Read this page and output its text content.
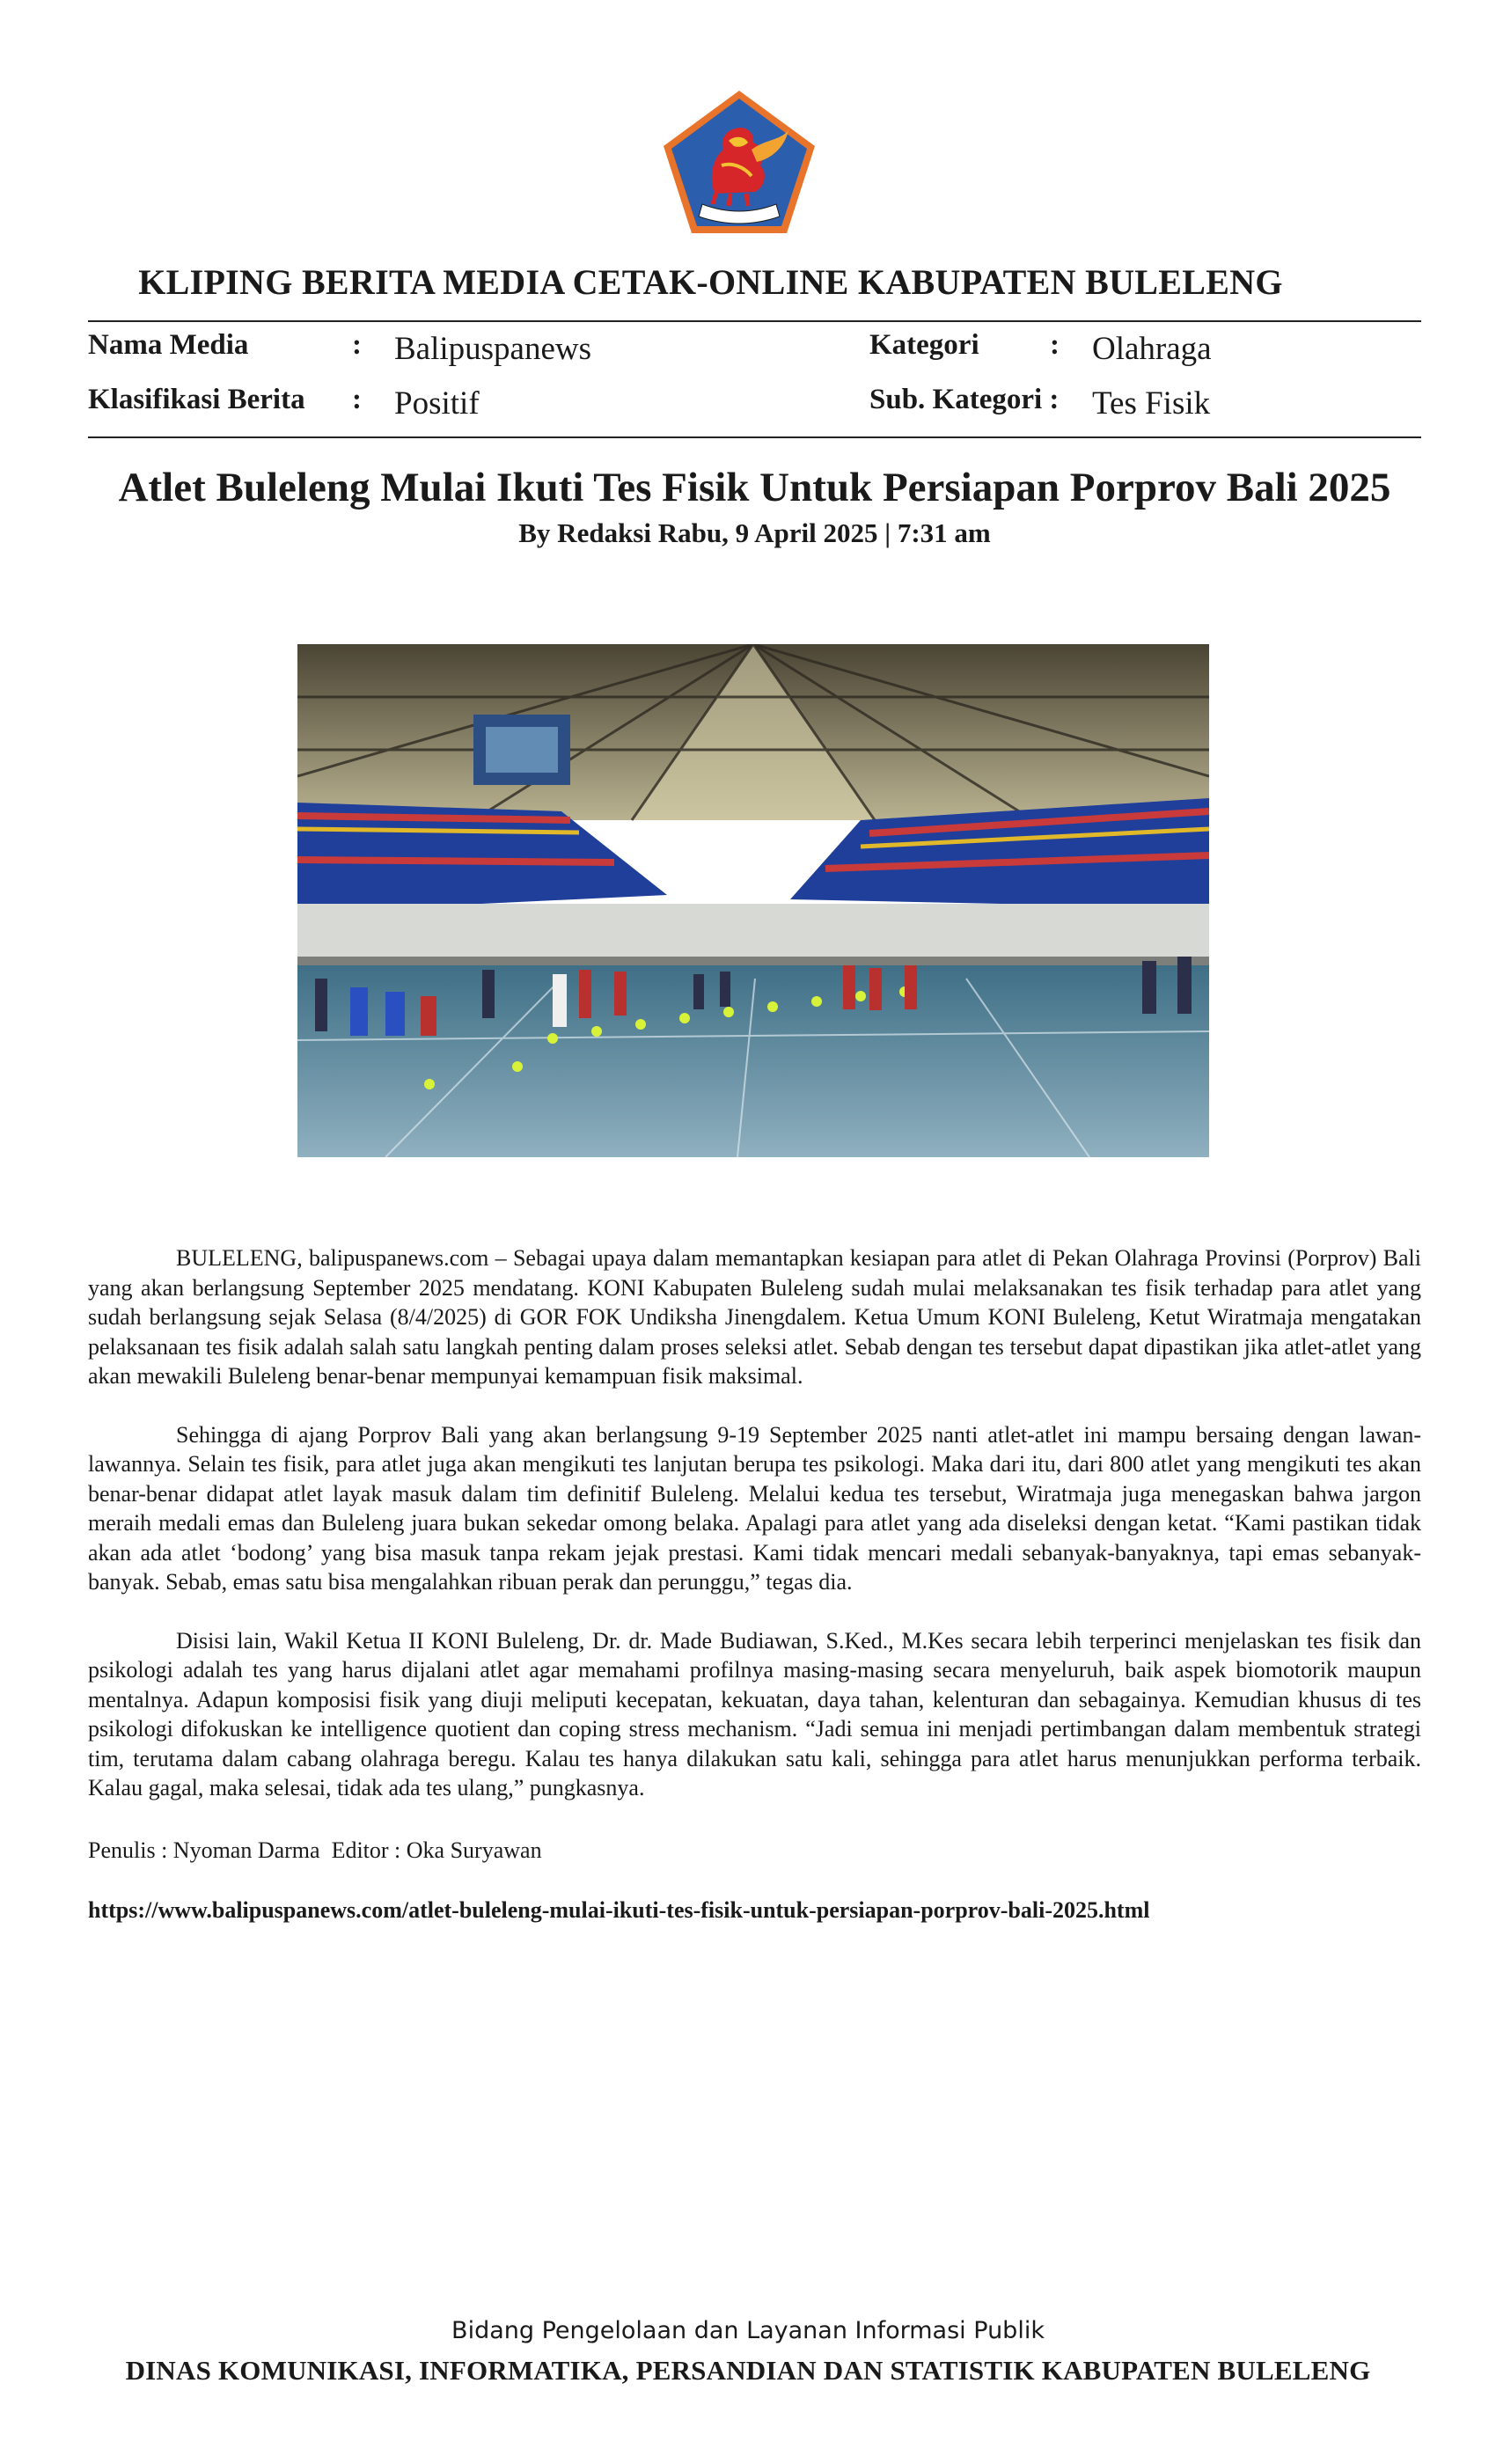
KLIPING BERITA MEDIA CETAK-ONLINE KABUPATEN BULELENG
Nama Media	: Balipuspanews	Kategori : Olahraga
Klasifikasi Berita : Positif	Sub. Kategori : Tes Fisik
Atlet Buleleng Mulai Ikuti Tes Fisik Untuk Persiapan Porprov Bali 2025
By Redaksi Rabu, 9 April 2025 | 7:31 am

BULELENG, balipuspanews.com – Sebagai upaya dalam memantapkan kesiapan para atlet di Pekan Olahraga Provinsi (Porprov) Bali yang akan berlangsung September 2025 mendatang. KONI Kabupaten Buleleng sudah mulai melaksanakan tes fisik terhadap para atlet yang sudah berlangsung sejak Selasa (8/4/2025) di GOR FOK Undiksha Jinengdalem. Ketua Umum KONI Buleleng, Ketut Wiratmaja mengatakan pelaksanaan tes fisik adalah salah satu langkah penting dalam proses seleksi atlet. Sebab dengan tes tersebut dapat dipastikan jika atlet-atlet yang akan mewakili Buleleng benar-benar mempunyai kemampuan fisik maksimal.

Sehingga di ajang Porprov Bali yang akan berlangsung 9-19 September 2025 nanti atlet-atlet ini mampu bersaing dengan lawan-lawannya. Selain tes fisik, para atlet juga akan mengikuti tes lanjutan berupa tes psikologi. Maka dari itu, dari 800 atlet yang mengikuti tes akan benar-benar didapat atlet layak masuk dalam tim definitif Buleleng. Melalui kedua tes tersebut, Wiratmaja juga menegaskan bahwa jargon meraih medali emas dan Buleleng juara bukan sekedar omong belaka. Apalagi para atlet yang ada diseleksi dengan ketat. “Kami pastikan tidak akan ada atlet ‘bodong’ yang bisa masuk tanpa rekam jejak prestasi. Kami tidak mencari medali sebanyak-banyaknya, tapi emas sebanyak-banyak. Sebab, emas satu bisa mengalahkan ribuan perak dan perunggu,” tegas dia.

Disisi lain, Wakil Ketua II KONI Buleleng, Dr. dr. Made Budiawan, S.Ked., M.Kes secara lebih terperinci menjelaskan tes fisik dan psikologi adalah tes yang harus dijalani atlet agar memahami profilnya masing-masing secara menyeluruh, baik aspek biomotorik maupun mentalnya. Adapun komposisi fisik yang diuji meliputi kecepatan, kekuatan, daya tahan, kelenturan dan sebagainya. Kemudian khusus di tes psikologi difokuskan ke intelligence quotient dan coping stress mechanism. “Jadi semua ini menjadi pertimbangan dalam membentuk strategi tim, terutama dalam cabang olahraga beregu. Kalau tes hanya dilakukan satu kali, sehingga para atlet harus menunjukkan performa terbaik. Kalau gagal, maka selesai, tidak ada tes ulang,” pungkasnya.

Penulis : Nyoman Darma  Editor : Oka Suryawan
https://www.balipuspanews.com/atlet-buleleng-mulai-ikuti-tes-fisik-untuk-persiapan-porprov-bali-2025.html
Bidang Pengelolaan dan Layanan Informasi Publik
DINAS KOMUNIKASI, INFORMATIKA, PERSANDIAN DAN STATISTIK KABUPATEN BULELENG
